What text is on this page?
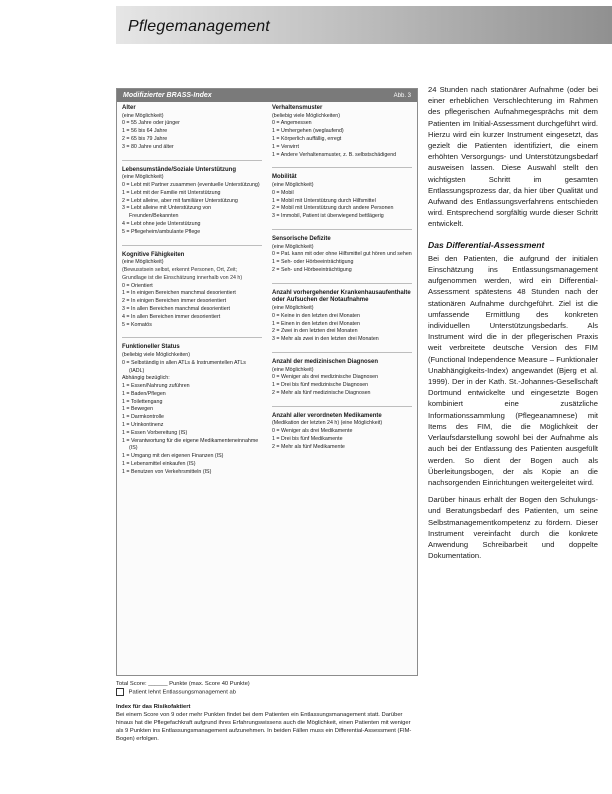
Pflegemanagement
Modifizierter BRASS-Index	Abb. 3
Alter
(eine Möglichkeit)
0 = 55 Jahre oder jünger
1 = 56 bis 64 Jahre
2 = 65 bis 79 Jahre
3 = 80 Jahre und älter
Lebensumstände/Soziale Unterstützung
(eine Möglichkeit)
0 = Lebt mit Partner zusammen (eventuelle Unterstützung)
1 = Lebt mit der Familie mit Unterstützung
2 = Lebt alleine, aber mit familiärer Unterstützung
3 = Lebt alleine mit Unterstützung von Freunden/Bekannten
4 = Lebt ohne jede Unterstützung
5 = Pflegeheim/ambulante Pflege
Kognitive Fähigkeiten
(eine Möglichkeit)
(Bewusstsein selbst, erkennt Personen, Ort, Zeit; Grundlage ist die Einschätzung innerhalb von 24 h)
0 = Orientiert
1 = In einigen Bereichen manchmal desorientiert
2 = In einigen Bereichen immer desorientiert
3 = In allen Bereichen manchmal desorientiert
4 = In allen Bereichen immer desorientiert
5 = Komatös
Funktioneller Status
(beliebig viele Möglichkeiten)
0 = Selbständig in allen ATLs & Instrumentellen ATLs (IADL)
Abhängig bezüglich:
1 = Essen/Nahrung zuführen
1 = Baden/Pflegen
1 = Toilettengang
1 = Bewegen
1 = Darmkontrolle
1 = Urinkontinenz
1 = Essen Vorbereitung (IS)
1 = Verantwortung für die eigene Medikamenteneinnahme (IS)
1 = Umgang mit den eigenen Finanzen (IS)
1 = Lebensmittel einkaufen (IS)
1 = Benutzen von Verkehrsmitteln (IS)
Verhaltensmuster
(beliebig viele Möglichkeiten)
0 = Angemessen
1 = Umhergehen (weglaufend)
1 = Körperlich auffällig, erregt
1 = Verwirrt
1 = Andere Verhaltensmuster, z. B. selbstschädigend
Mobilität
(eine Möglichkeit)
0 = Mobil
1 = Mobil mit Unterstützung durch Hilfsmittel
2 = Mobil mit Unterstützung durch andere Personen
3 = Immobil, Patient ist überwiegend bettlägerig
Sensorische Defizite
(eine Möglichkeit)
0 = Pat. kann mit oder ohne Hilfsmittel gut hören und sehen
1 = Seh- oder Hörbeeinträchtigung
2 = Seh- und Hörbeeinträchtigung
Anzahl vorhergehender Krankenhausaufenthalte oder Aufsuchen der Notaufnahme
(eine Möglichkeit)
0 = Keine in den letzten drei Monaten
1 = Einen in den letzten drei Monaten
2 = Zwei in den letzten drei Monaten
3 = Mehr als zwei in den letzten drei Monaten
Anzahl der medizinischen Diagnosen
(eine Möglichkeit)
0 = Weniger als drei medizinische Diagnosen
1 = Drei bis fünf medizinische Diagnosen
2 = Mehr als fünf medizinische Diagnosen
Anzahl aller verordneten Medikamente
(Medikation der letzten 24 h) (eine Möglichkeit)
0 = Weniger als drei Medikamente
1 = Drei bis fünf Medikamente
2 = Mehr als fünf Medikamente
Total Score: ______ Punkte (max. Score 40 Punkte)
Patient lehnt Entlassungsmanagement ab
Index für das Risikofaktiert
Bei einem Score von 9 oder mehr Punkten findet bei dem Patienten ein Entlassungsmanagement statt. Darüber hinaus hat die Pflegefachkraft aufgrund ihres Erfahrungswissens auch die Möglichkeit, einen Patienten mit weniger als 9 Punkten ins Entlassungsmanagement aufzunehmen. In beiden Fällen muss ein Differential-Assessment (FIM-Bogen) erfolgen.

24 Stunden nach stationärer Aufnahme (oder bei einer erheblichen Verschlechterung im Rahmen des pflegerischen Aufnahmegesprächs mit dem Patienten im Initial-Assessment durchgeführt wird. Hierzu wird ein kurzer Instrument eingesetzt, das gezielt die Patienten identifiziert, die einem erhöhten Versorgungs- und Unterstützungsbedarf ausweisen lassen. Diese Auswahl stellt den wichtigsten Schritt im gesamten Entlassungsprozess dar, da hier über Qualität und Aufwand des Entlassungsverfahrens entschieden wird. Entsprechend sorgfältig wurde dieser Schritt entwickelt.

Das Differential-Assessment

Bei den Patienten, die aufgrund der initialen Einschätzung ins Entlassungsmanagement aufgenommen werden, wird ein Differential-Assessment spätestens 48 Stunden nach der stationären Aufnahme durchgeführt. Ziel ist die umfassende Ermittlung des konkreten individuellen Unterstützungsbedarfs. Als Instrument wird die in der pflegerischen Praxis weit verbreitete deutsche Version des FIM (Functional Independence Measure – Funktionaler Unabhängigkeits-Index) angewandet (Bjerg et al. 1999). Der in der Kath. St.-Johannes-Gesellschaft Dortmund entwickelte und eingesetzte Bogen kombiniert eine zusätzliche Informationssammlung (Pflegeanamnese) mit Items des FIM, die die Möglichkeit der Verlaufsdarstellung sowohl bei der Aufnahme als auch bei der Entlassung des Patienten ausgefüllt werden. So dient der Bogen auch als Überleitungsbogen, der als Kopie an die nachsorgenden Einrichtungen weitergeleitet wird.

Darüber hinaus erhält der Bogen den Schulungs- und Beratungsbedarf des Patienten, um seine Selbstmanagementkompetenz zu fördern. Dieser Instrument vereinfacht durch die konkrete Anwendung Schreibarbeit und doppelte Dokumentation.
